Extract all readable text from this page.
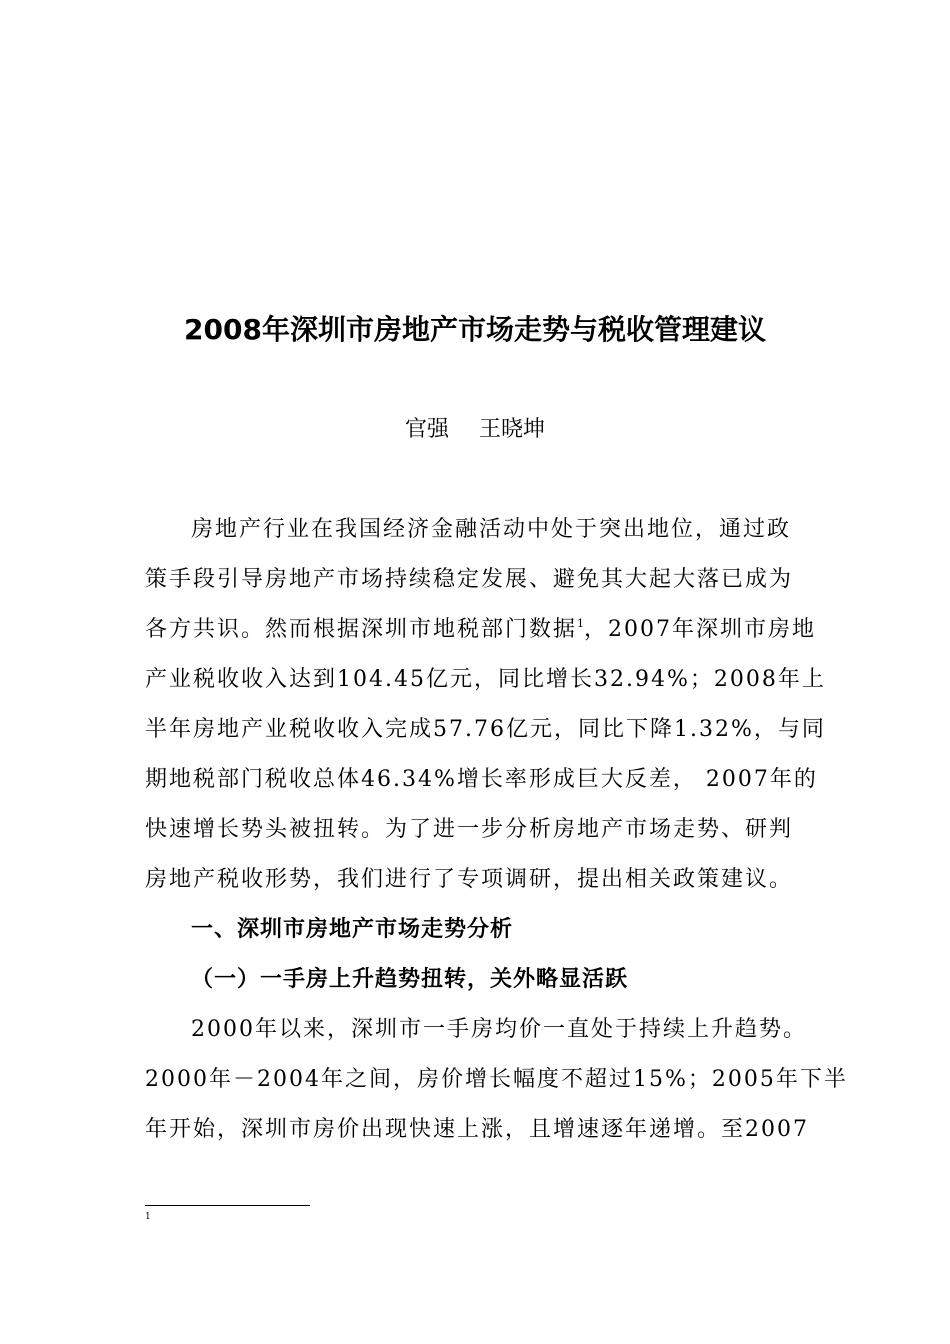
2008年深圳市房地产市场走势与税收管理建议
官强 王晓坤
房地产行业在我国经济金融活动中处于突出地位，通过政
策手段引导房地产市场持续稳定发展、避免其大起大落已成为
各方共识。然而根据深圳市地税部门数据$^1$，2007年深圳市房地
产业税收收入达到104.45亿元，同比增长32.94%；2008年上
半年房地产业税收收入完成57.76亿元，同比下降1.32%，与同
期地税部门税收总体46.34%增长率形成巨大反差， 2007年的
快速增长势头被扭转。为了进一步分析房地产市场走势、研判
房地产税收形势，我们进行了专项调研，提出相关政策建议。
一、深圳市房地产市场走势分析
（一）一手房上升趋势扭转，关外略显活跃
2000年以来，深圳市一手房均价一直处于持续上升趋势。
2000年－2004年之间，房价增长幅度不超过15%；2005年下半
年开始，深圳市房价出现快速上涨，且增速逐年递增。至2007
1
